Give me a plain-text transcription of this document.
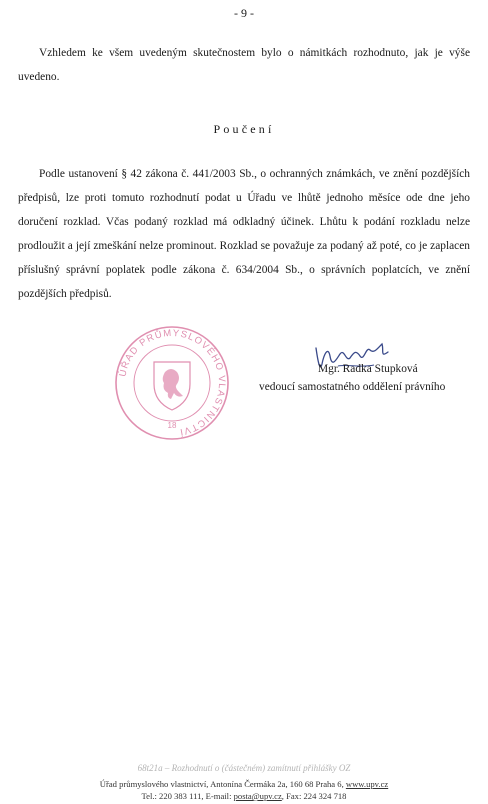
- 9 -

Vzhledem ke všem uvedeným skutečnostem bylo o námitkách rozhodnuto, jak je výše uvedeno.

Poučení

Podle ustanovení § 42 zákona č. 441/2003 Sb., o ochranných známkách, ve znění pozdějších předpisů, lze proti tomuto rozhodnutí podat u Úřadu ve lhůtě jednoho měsíce ode dne jeho doručení rozklad. Včas podaný rozklad má odkladný účinek. Lhůtu k podání rozkladu nelze prodloužit a její zmeškání nelze prominout. Rozklad se považuje za podaný až poté, co je zaplacen příslušný správní poplatek podle zákona č. 634/2004 Sb., o správních poplatcích, ve znění pozdějších předpisů.

ÚŘAD PRŮMYSLOVÉHO VLASTNICTVÍ
18
Mgr. Radka Stupková
vedoucí samostatného oddělení právního
68t21a – Rozhodnutí o (částečném) zamítnutí přihlášky OZ
Úřad průmyslového vlastnictví, Antonína Čermáka 2a, 160 68 Praha 6, www.upv.cz
Tel.: 220 383 111, E-mail: posta@upv.cz, Fax: 224 324 718
